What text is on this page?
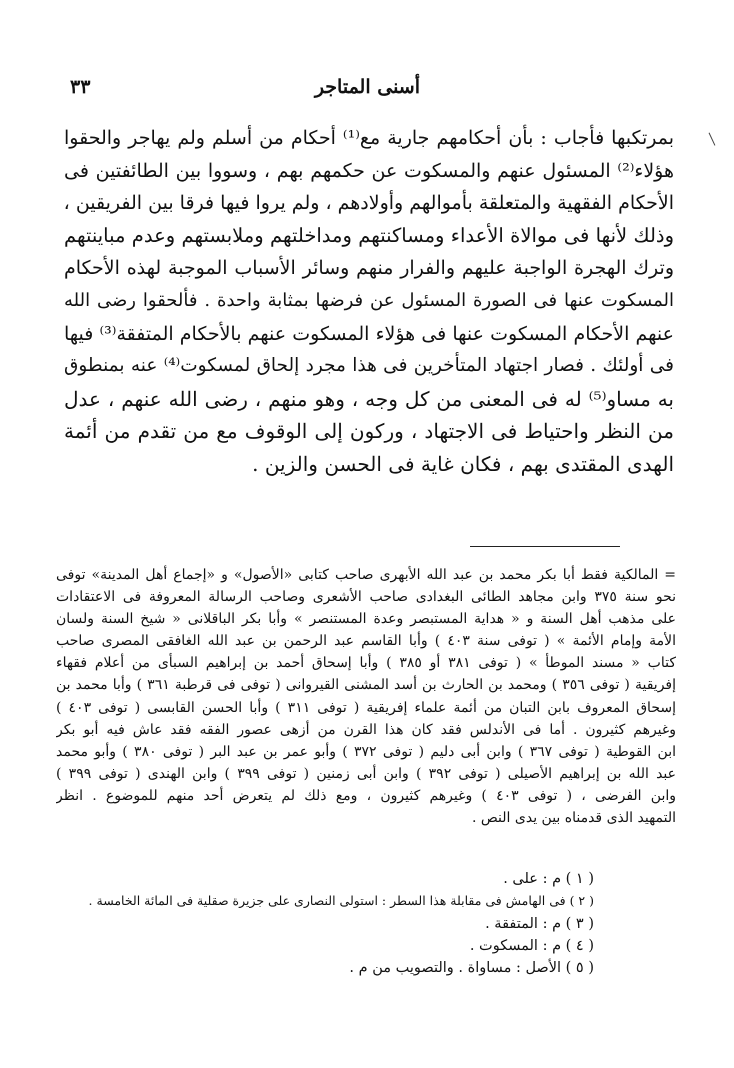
أسنى المتاجر
٣٣
بمرتكبها فأجاب : بأن أحكامهم جارية مع⁽¹⁾ أحكام من أسلم ولم يهاجر والحقوا
هؤلاء⁽²⁾ المسئول عنهم والمسكوت عن حكمهم بهم ، وسووا بين الطائفتين فى
الأحكام الفقهية والمتعلقة بأموالهم وأولادهم ، ولم يروا فيها فرقا بين الفريقين ،
وذلك لأنها فى موالاة الأعداء ومساكنتهم ومداخلتهم وملابستهم وعدم مباينتهم
وترك الهجرة الواجبة عليهم والفرار منهم وسائر الأسباب الموجبة لهذه الأحكام
المسكوت عنها فى الصورة المسئول عن فرضها بمثابة واحدة . فألحقوا رضى الله
عنهم الأحكام المسكوت عنها فى هؤلاء المسكوت عنهم بالأحكام المتفقة⁽³⁾ فيها
فى أولئك . فصار اجتهاد المتأخرين فى هذا مجرد إلحاق لمسكوت⁽⁴⁾ عنه بمنطوق
به مساو⁽⁵⁾ له فى المعنى من كل وجه ، وهو منهم ، رضى الله عنهم ، عدل
من النظر واحتياط فى الاجتهاد ، وركون إلى الوقوف مع من تقدم من أئمة
الهدى المقتدى بهم ، فكان غاية فى الحسن والزين .
= المالكية فقط أبا بكر محمد بن عبد الله الأبهرى صاحب كتابى «الأصول» و «إجماع أهل المدينة» توفى
نحو سنة ٣٧٥ وابن مجاهد الطائى البغدادى صاحب الأشعرى وصاحب الرسالة المعروفة فى الاعتقادات
على مذهب أهل السنة و « هداية المستبصر وعدة المستنصر » وأبا بكر الباقلانى « شيخ السنة ولسان
الأمة وإمام الأئمة » ( توفى سنة ٤٠٣ ) وأبا القاسم عبد الرحمن بن عبد الله الغافقى المصرى صاحب
كتاب « مسند الموطأ » ( توفى ٣٨١ أو ٣٨٥ ) وأبا إسحاق أحمد بن إبراهيم السبأى من أعلام فقهاء
إفريقية ( توفى ٣٥٦ ) ومحمد بن الحارث بن أسد المشنى القيروانى ( توفى فى قرطبة ٣٦١ ) وأبا محمد بن
إسحاق المعروف بابن التبان من أئمة علماء إفريقية ( توفى ٣١١ ) وأبا الحسن القابسى ( توفى ٤٠٣ )
وغيرهم كثيرون . أما فى الأندلس فقد كان هذا القرن من أزهى عصور الفقه فقد عاش فيه أبو بكر
ابن القوطية ( توفى ٣٦٧ ) وابن أبى دليم ( توفى ٣٧٢ ) وأبو عمر بن عبد البر ( توفى ٣٨٠ ) وأبو محمد
عبد الله بن إبراهيم الأصيلى ( توفى ٣٩٢ ) وابن أبى زمنين ( توفى ٣٩٩ ) وابن الهندى ( توفى ٣٩٩ )
وابن الفرضى ، ( توفى ٤٠٣ ) وغيرهم كثيرون ، ومع ذلك لم يتعرض أحد منهم للموضوع . انظر
التمهيد الذى قدمناه بين يدى النص .
( ١ ) م : على .
( ٢ ) فى الهامش فى مقابلة هذا السطر : استولى النصارى على جزيرة صقلية فى المائة الخامسة .
( ٣ ) م : المتفقة .
( ٤ ) م : المسكوت .
( ٥ ) الأصل : مساواة . والتصويب من م .
